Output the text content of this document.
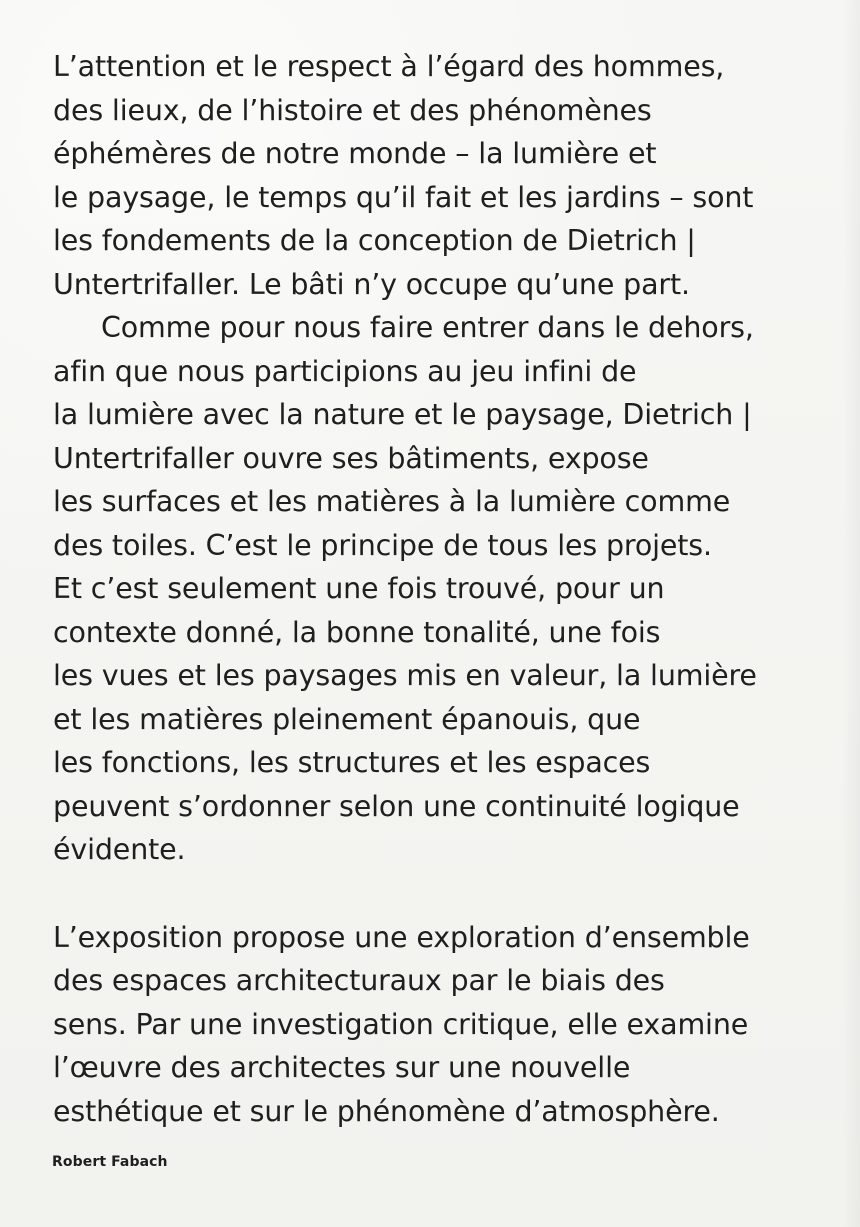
L’attention et le respect à l’égard des hommes,
des lieux, de l’histoire et des phénomènes
éphémères de notre monde – la lumière et
le paysage, le temps qu’il fait et les jardins – sont
les fondements de la conception de Dietrich |
Untertrifaller. Le bâti n’y occupe qu’une part.
Comme pour nous faire entrer dans le dehors,
afin que nous participions au jeu infini de
la lumière avec la nature et le paysage, Dietrich |
Untertrifaller ouvre ses bâtiments, expose
les surfaces et les matières à la lumière comme
des toiles. C’est le principe de tous les projets.
Et c’est seulement une fois trouvé, pour un
contexte donné, la bonne tonalité, une fois
les vues et les paysages mis en valeur, la lumière
et les matières pleinement épanouis, que
les fonctions, les structures et les espaces
peuvent s’ordonner selon une continuité logique
évidente.
L’exposition propose une exploration d’ensemble
des espaces architecturaux par le biais des
sens. Par une investigation critique, elle examine
l’œuvre des architectes sur une nouvelle
esthétique et sur le phénomène d’atmosphère.
Robert Fabach
